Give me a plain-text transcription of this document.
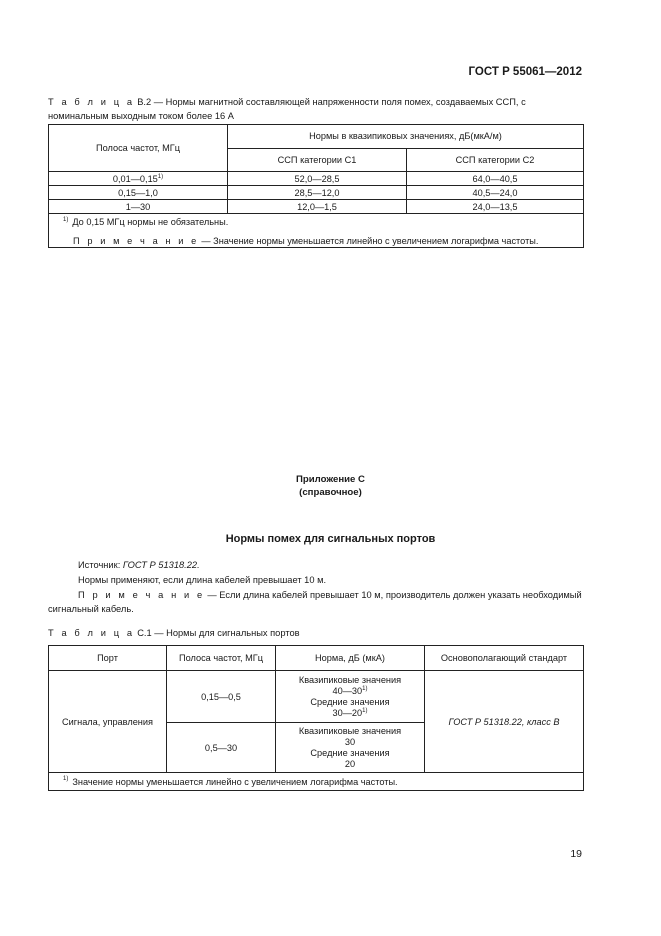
ГОСТ Р 55061—2012
Т а б л и ц а В.2 — Нормы магнитной составляющей напряженности поля помех, создаваемых ССП, с номинальным выходным током более 16 А
Полоса частот, МГц	Нормы в квазипиковых значениях, дБ(мкА/м)	
	ССП категории С1	ССП категории С2
0,01—0,15$^{1)}$	52,0—28,5	64,0—40,5
0,15—1,0	28,5—12,0	40,5—24,0
1—30	12,0—1,5	24,0—13,5

$^{1)}$ До 0,15 МГц нормы не обязательны.

П р и м е ч а н и е — Значение нормы уменьшается линейно с увеличением логарифма частоты.		

Приложение С
(справочное)
Нормы помех для сигнальных портов
Источник: ГОСТ Р 51318.22.
Нормы применяют, если длина кабелей превышает 10 м.
П р и м е ч а н и е — Если длина кабелей превышает 10 м, производитель должен указать необходимый сигнальный кабель.
Т а б л и ц а С.1 — Нормы для сигнальных портов
Порт	Полоса частот, МГц	Норма, дБ (мкА)	Основополагающий стандарт
Сигнала, управления	0,15—0,5	Квазипиковые значения
40—30$^{1)}$
Средние значения
30—20$^{1)}$	ГОСТ Р 51318.22, класс В
	0,5—30	Квазипиковые значения
30
Средние значения
20	

$^{1)}$ Значение нормы уменьшается линейно с увеличением логарифма частоты.			
19
